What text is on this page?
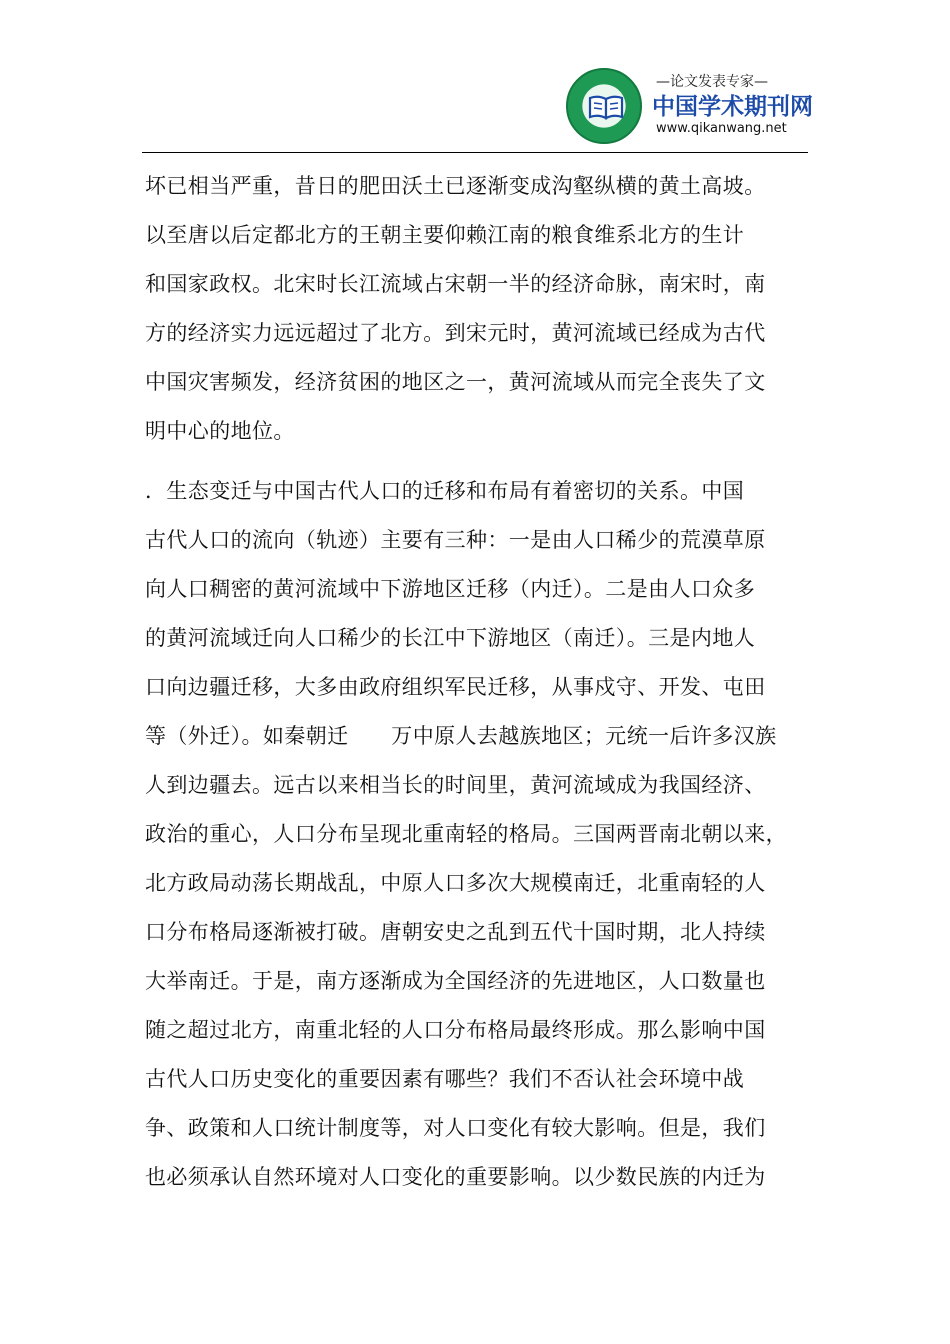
—论文发表专家—
中国学术期刊网
www.qikanwang.net
坏已相当严重，昔日的肥田沃土已逐渐变成沟壑纵横的黄土高坡。
以至唐以后定都北方的王朝主要仰赖江南的粮食维系北方的生计
和国家政权。北宋时长江流域占宋朝一半的经济命脉，南宋时，南
方的经济实力远远超过了北方。到宋元时，黄河流域已经成为古代
中国灾害频发，经济贫困的地区之一，黄河流域从而完全丧失了文
明中心的地位。
．生态变迁与中国古代人口的迁移和布局有着密切的关系。中国
古代人口的流向（轨迹）主要有三种：一是由人口稀少的荒漠草原
向人口稠密的黄河流域中下游地区迁移（内迁）。二是由人口众多
的黄河流域迁向人口稀少的长江中下游地区（南迁）。三是内地人
口向边疆迁移，大多由政府组织军民迁移，从事戍守、开发、屯田
等（外迁）。如秦朝迁　　万中原人去越族地区；元统一后许多汉族
人到边疆去。远古以来相当长的时间里，黄河流域成为我国经济、
政治的重心，人口分布呈现北重南轻的格局。三国两晋南北朝以来，
北方政局动荡长期战乱，中原人口多次大规模南迁，北重南轻的人
口分布格局逐渐被打破。唐朝安史之乱到五代十国时期，北人持续
大举南迁。于是，南方逐渐成为全国经济的先进地区，人口数量也
随之超过北方，南重北轻的人口分布格局最终形成。那么影响中国
古代人口历史变化的重要因素有哪些？我们不否认社会环境中战
争、政策和人口统计制度等，对人口变化有较大影响。但是，我们
也必须承认自然环境对人口变化的重要影响。以少数民族的内迁为
